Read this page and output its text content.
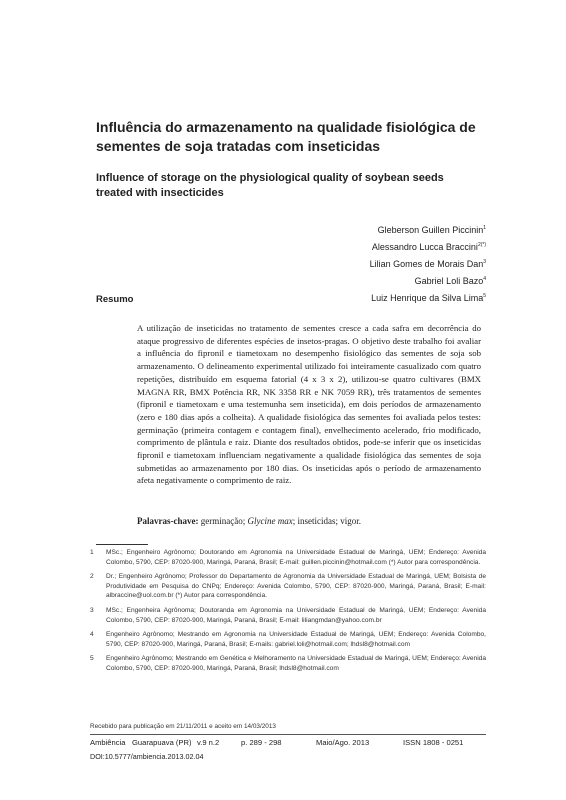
Influência do armazenamento na qualidade fisiológica de sementes de soja tratadas com inseticidas
Influence of storage on the physiological quality of soybean seeds treated with insecticides
Gleberson Guillen Piccinin$^1$
Alessandro Lucca Braccini$^{2(*)}$
Lilian Gomes de Morais Dan$^3$
Gabriel Loli Bazo$^4$
Luiz Henrique da Silva Lima$^5$
Resumo

A utilização de inseticidas no tratamento de sementes cresce a cada safra em decorrência do ataque progressivo de diferentes espécies de insetos-pragas. O objetivo deste trabalho foi avaliar a influência do fipronil e tiametoxam no desempenho fisiológico das sementes de soja sob armazenamento. O delineamento experimental utilizado foi inteiramente casualizado com quatro repetições, distribuído em esquema fatorial (4 x 3 x 2), utilizou-se quatro cultivares (BMX MAGNA RR, BMX Potência RR, NK 3358 RR e NK 7059 RR), três tratamentos de sementes (fipronil e tiametoxam e uma testemunha sem inseticida), em dois períodos de armazenamento (zero e 180 dias após a colheita). A qualidade fisiológica das sementes foi avaliada pelos testes: germinação (primeira contagem e contagem final), envelhecimento acelerado, frio modificado, comprimento de plântula e raiz. Diante dos resultados obtidos, pode-se inferir que os inseticidas fipronil e tiametoxam influenciam negativamente a qualidade fisiológica das sementes de soja submetidas ao armazenamento por 180 dias. Os inseticidas após o período de armazenamento afeta negativamente o comprimento de raiz.

Palavras-chave: germinação; Glycine max; inseticidas; vigor.
1 MSc.; Engenheiro Agrônomo; Doutorando em Agronomia na Universidade Estadual de Maringá, UEM; Endereço: Avenida Colombo, 5790, CEP: 87020-900, Maringá, Paraná, Brasil; E-mail: guillen.piccinin@hotmail.com (*) Autor para correspondência.
2 Dr.; Engenheiro Agrônomo; Professor do Departamento de Agronomia da Universidade Estadual de Maringá, UEM; Bolsista de Produtividade em Pesquisa do CNPq; Endereço: Avenida Colombo, 5790, CEP: 87020-900, Maringá, Paraná, Brasil; E-mail: albraccine@uol.com.br (*) Autor para correspondência.
3 MSc.; Engenheira Agrônoma; Doutoranda em Agronomia na Universidade Estadual de Maringá, UEM; Endereço: Avenida Colombo, 5790, CEP: 87020-900, Maringá, Paraná, Brasil; E-mail: liliangmdan@yahoo.com.br
4 Engenheiro Agrônomo; Mestrando em Agronomia na Universidade Estadual de Maringá, UEM; Endereço: Avenida Colombo, 5790, CEP: 87020-900, Maringá, Paraná, Brasil; E-mails: gabriel.loli@hotmail.com; lhdsl8@hotmail.com
5 Engenheiro Agrônomo; Mestrando em Genética e Melhoramento na Universidade Estadual de Maringá, UEM; Endereço: Avenida Colombo, 5790, CEP: 87020-900, Maringá, Paraná, Brasil; lhdsl8@hotmail.com
Recebido para publicação em 21/11/2011 e aceito em 14/03/2013
Ambiência Guarapuava (PR) v.9 n.2	p. 289 - 298	Maio/Ago. 2013	ISSN 1808 - 0251
DOI:10.5777/ambiencia.2013.02.04
